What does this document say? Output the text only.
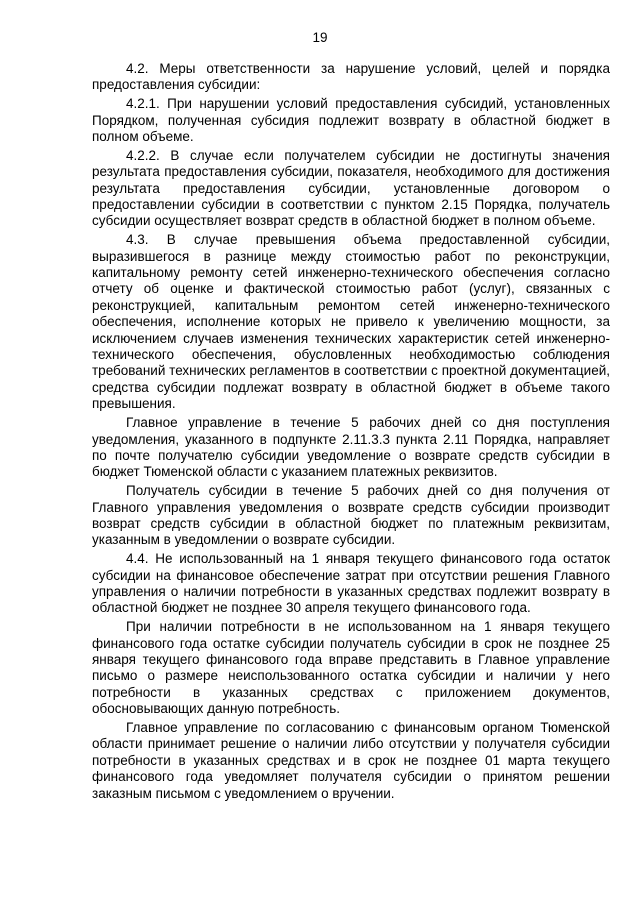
19

4.2. Меры ответственности за нарушение условий, целей и порядка предоставления субсидии:

4.2.1. При нарушении условий предоставления субсидий, установленных Порядком, полученная субсидия подлежит возврату в областной бюджет в полном объеме.

4.2.2. В случае если получателем субсидии не достигнуты значения результата предоставления субсидии, показателя, необходимого для достижения результата предоставления субсидии, установленные договором о предоставлении субсидии в соответствии с пунктом 2.15 Порядка, получатель субсидии осуществляет возврат средств в областной бюджет в полном объеме.

4.3. В случае превышения объема предоставленной субсидии, выразившегося в разнице между стоимостью работ по реконструкции, капитальному ремонту сетей инженерно-технического обеспечения согласно отчету об оценке и фактической стоимостью работ (услуг), связанных с реконструкцией, капитальным ремонтом сетей инженерно-технического обеспечения, исполнение которых не привело к увеличению мощности, за исключением случаев изменения технических характеристик сетей инженерно-технического обеспечения, обусловленных необходимостью соблюдения требований технических регламентов в соответствии с проектной документацией, средства субсидии подлежат возврату в областной бюджет в объеме такого превышения.

Главное управление в течение 5 рабочих дней со дня поступления уведомления, указанного в подпункте 2.11.3.3 пункта 2.11 Порядка, направляет по почте получателю субсидии уведомление о возврате средств субсидии в бюджет Тюменской области с указанием платежных реквизитов.

Получатель субсидии в течение 5 рабочих дней со дня получения от Главного управления уведомления о возврате средств субсидии производит возврат средств субсидии в областной бюджет по платежным реквизитам, указанным в уведомлении о возврате субсидии.

4.4. Не использованный на 1 января текущего финансового года остаток субсидии на финансовое обеспечение затрат при отсутствии решения Главного управления о наличии потребности в указанных средствах подлежит возврату в областной бюджет не позднее 30 апреля текущего финансового года.

При наличии потребности в не использованном на 1 января текущего финансового года остатке субсидии получатель субсидии в срок не позднее 25 января текущего финансового года вправе представить в Главное управление письмо о размере неиспользованного остатка субсидии и наличии у него потребности в указанных средствах с приложением документов, обосновывающих данную потребность.

Главное управление по согласованию с финансовым органом Тюменской области принимает решение о наличии либо отсутствии у получателя субсидии потребности в указанных средствах и в срок не позднее 01 марта текущего финансового года уведомляет получателя субсидии о принятом решении заказным письмом с уведомлением о вручении.
